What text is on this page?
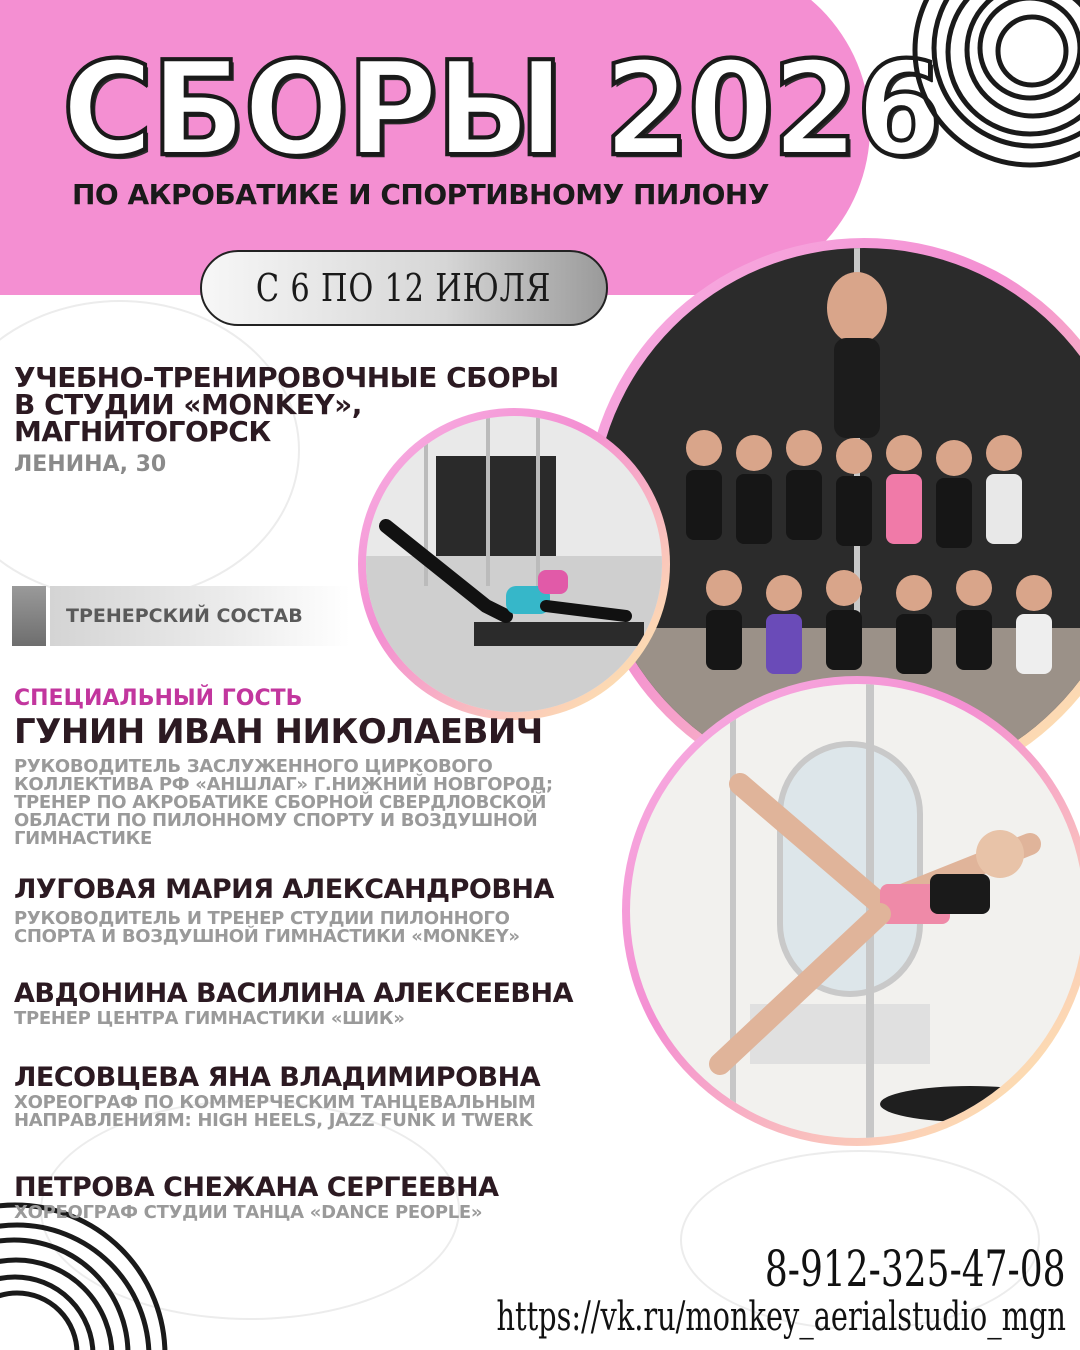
СБОРЫ 2026
ПО АКРОБАТИКЕ И СПОРТИВНОМУ ПИЛОНУ
С 6 ПО 12 ИЮЛЯ
УЧЕБНО-ТРЕНИРОВОЧНЫЕ СБОРЫ
В СТУДИИ «MONKEY»,
МАГНИТОГОРСК
ЛЕНИНА, 30
ТРЕНЕРСКИЙ СОСТАВ
СПЕЦИАЛЬНЫЙ ГОСТЬ
ГУНИН ИВАН НИКОЛАЕВИЧ
РУКОВОДИТЕЛЬ ЗАСЛУЖЕННОГО ЦИРКОВОГО
КОЛЛЕКТИВА РФ «АНШЛАГ» Г.НИЖНИЙ НОВГОРОД;
ТРЕНЕР ПО АКРОБАТИКЕ СБОРНОЙ СВЕРДЛОВСКОЙ
ОБЛАСТИ ПО ПИЛОННОМУ СПОРТУ И ВОЗДУШНОЙ
ГИМНАСТИКЕ
ЛУГОВАЯ МАРИЯ АЛЕКСАНДРОВНА
РУКОВОДИТЕЛЬ И ТРЕНЕР СТУДИИ ПИЛОННОГО
СПОРТА И ВОЗДУШНОЙ ГИМНАСТИКИ «MONKEY»
АВДОНИНА ВАСИЛИНА АЛЕКСЕЕВНА
ТРЕНЕР ЦЕНТРА ГИМНАСТИКИ «ШИК»
ЛЕСОВЦЕВА ЯНА ВЛАДИМИРОВНА
ХОРЕОГРАФ ПО КОММЕРЧЕСКИМ ТАНЦЕВАЛЬНЫМ
НАПРАВЛЕНИЯМ: HIGH HEELS, JAZZ FUNK И TWERK
ПЕТРОВА СНЕЖАНА СЕРГЕЕВНА
ХОРЕОГРАФ СТУДИИ ТАНЦА «DANCE PEOPLE»
8-912-325-47-08
https://vk.ru/monkey_aerialstudio_mgn
